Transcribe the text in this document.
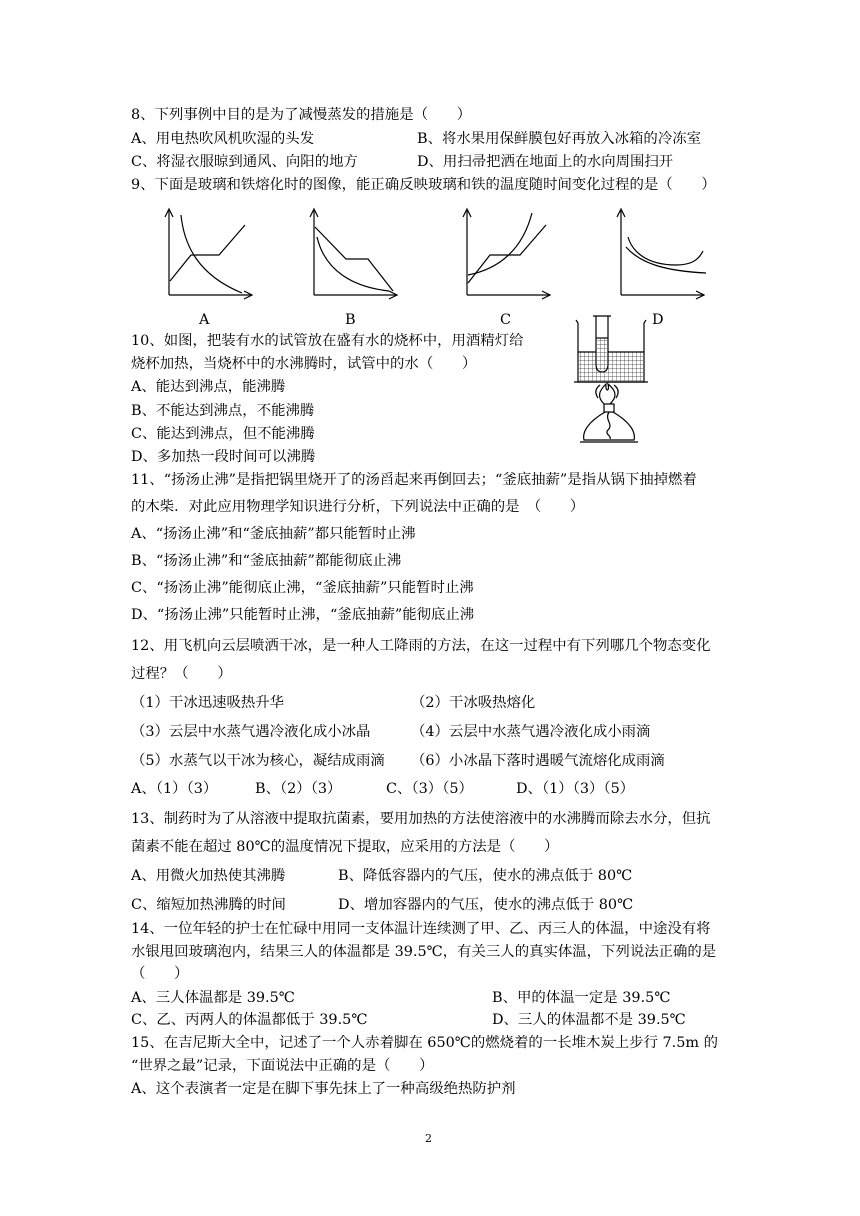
8、下列事例中目的是为了减慢蒸发的措施是（　　）
A、用电热吹风机吹湿的头发	B、将水果用保鲜膜包好再放入冰箱的冷冻室
C、将湿衣服晾到通风、向阳的地方	D、用扫帚把洒在地面上的水向周围扫开
9、下面是玻璃和铁熔化时的图像，能正确反映玻璃和铁的温度随时间变化过程的是（　　）
A	B	C	D
10、如图，把装有水的试管放在盛有水的烧杯中，用酒精灯给
烧杯加热，当烧杯中的水沸腾时，试管中的水（　　）
A、能达到沸点，能沸腾
B、不能达到沸点，不能沸腾
C、能达到沸点，但不能沸腾
D、多加热一段时间可以沸腾
11、“扬汤止沸”是指把锅里烧开了的汤舀起来再倒回去；“釜底抽薪”是指从锅下抽掉燃着
的木柴．对此应用物理学知识进行分析，下列说法中正确的是　（　　）
A、“扬汤止沸”和“釜底抽薪”都只能暂时止沸
B、“扬汤止沸”和“釜底抽薪”都能彻底止沸
C、“扬汤止沸”能彻底止沸，“釜底抽薪”只能暂时止沸
D、“扬汤止沸”只能暂时止沸，“釜底抽薪”能彻底止沸
12、用飞机向云层喷洒干冰，是一种人工降雨的方法，在这一过程中有下列哪几个物态变化
过程？（　　）
（1）干冰迅速吸热升华	（2）干冰吸热熔化
（3）云层中水蒸气遇冷液化成小冰晶	（4）云层中水蒸气遇冷液化成小雨滴
（5）水蒸气以干冰为核心，凝结成雨滴 （6）小冰晶下落时遇暖气流熔化成雨滴
A、（1）（3）	B、（2）（3）	C、（3）（5）	D、（1）（3）（5）
13、制药时为了从溶液中提取抗菌素，要用加热的方法使溶液中的水沸腾而除去水分，但抗
菌素不能在超过 80℃的温度情况下提取，应采用的方法是（　　）
A、用微火加热使其沸腾	B、降低容器内的气压，使水的沸点低于 80℃
C、缩短加热沸腾的时间	D、增加容器内的气压，使水的沸点低于 80℃
14、一位年轻的护士在忙碌中用同一支体温计连续测了甲、乙、丙三人的体温，中途没有将
水银甩回玻璃泡内，结果三人的体温都是 39.5℃，有关三人的真实体温，下列说法正确的是
（　　）
A、三人体温都是 39.5℃	B、甲的体温一定是 39.5℃
C、乙、丙两人的体温都低于 39.5℃	D、三人的体温都不是 39.5℃
15、在吉尼斯大全中，记述了一个人赤着脚在 650℃的燃烧着的一长堆木炭上步行 7.5m 的
“世界之最”记录，下面说法中正确的是（　　）
A、这个表演者一定是在脚下事先抹上了一种高级绝热防护剂
2
